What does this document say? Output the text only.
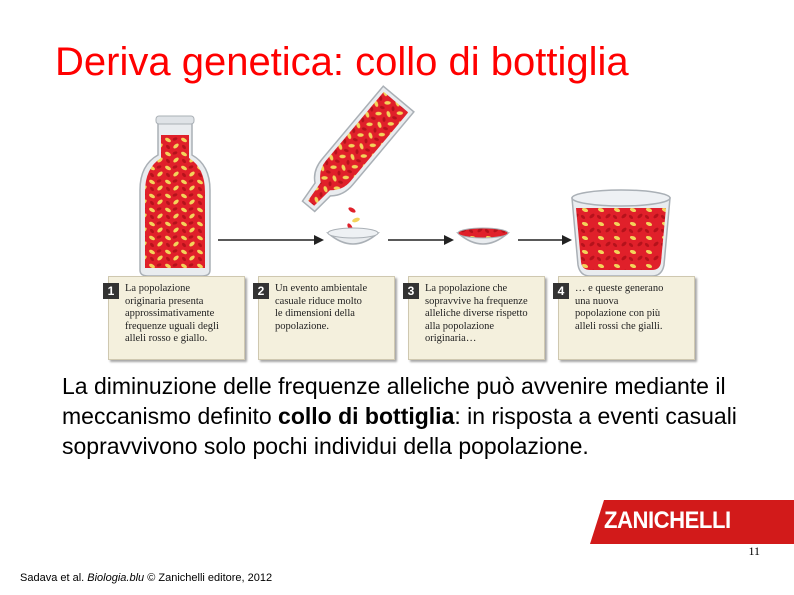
Deriva genetica: collo di bottiglia
1	La popolazione
originaria presenta
approssimativamente
frequenze uguali degli
alleli rosso e giallo.
2	Un evento ambientale
casuale riduce molto
le dimensioni della
popolazione.
3	La popolazione che
sopravvive ha frequenze
alleliche diverse rispetto
alla popolazione
originaria…
4	… e queste generano
una nuova
popolazione con più
alleli rossi che gialli.
La diminuzione delle frequenze alleliche può avvenire mediante il meccanismo definito collo di bottiglia: in risposta a eventi casuali sopravvivono solo pochi individui della popolazione.
ZANICHELLI
11
Sadava et al. Biologia.blu © Zanichelli editore, 2012
